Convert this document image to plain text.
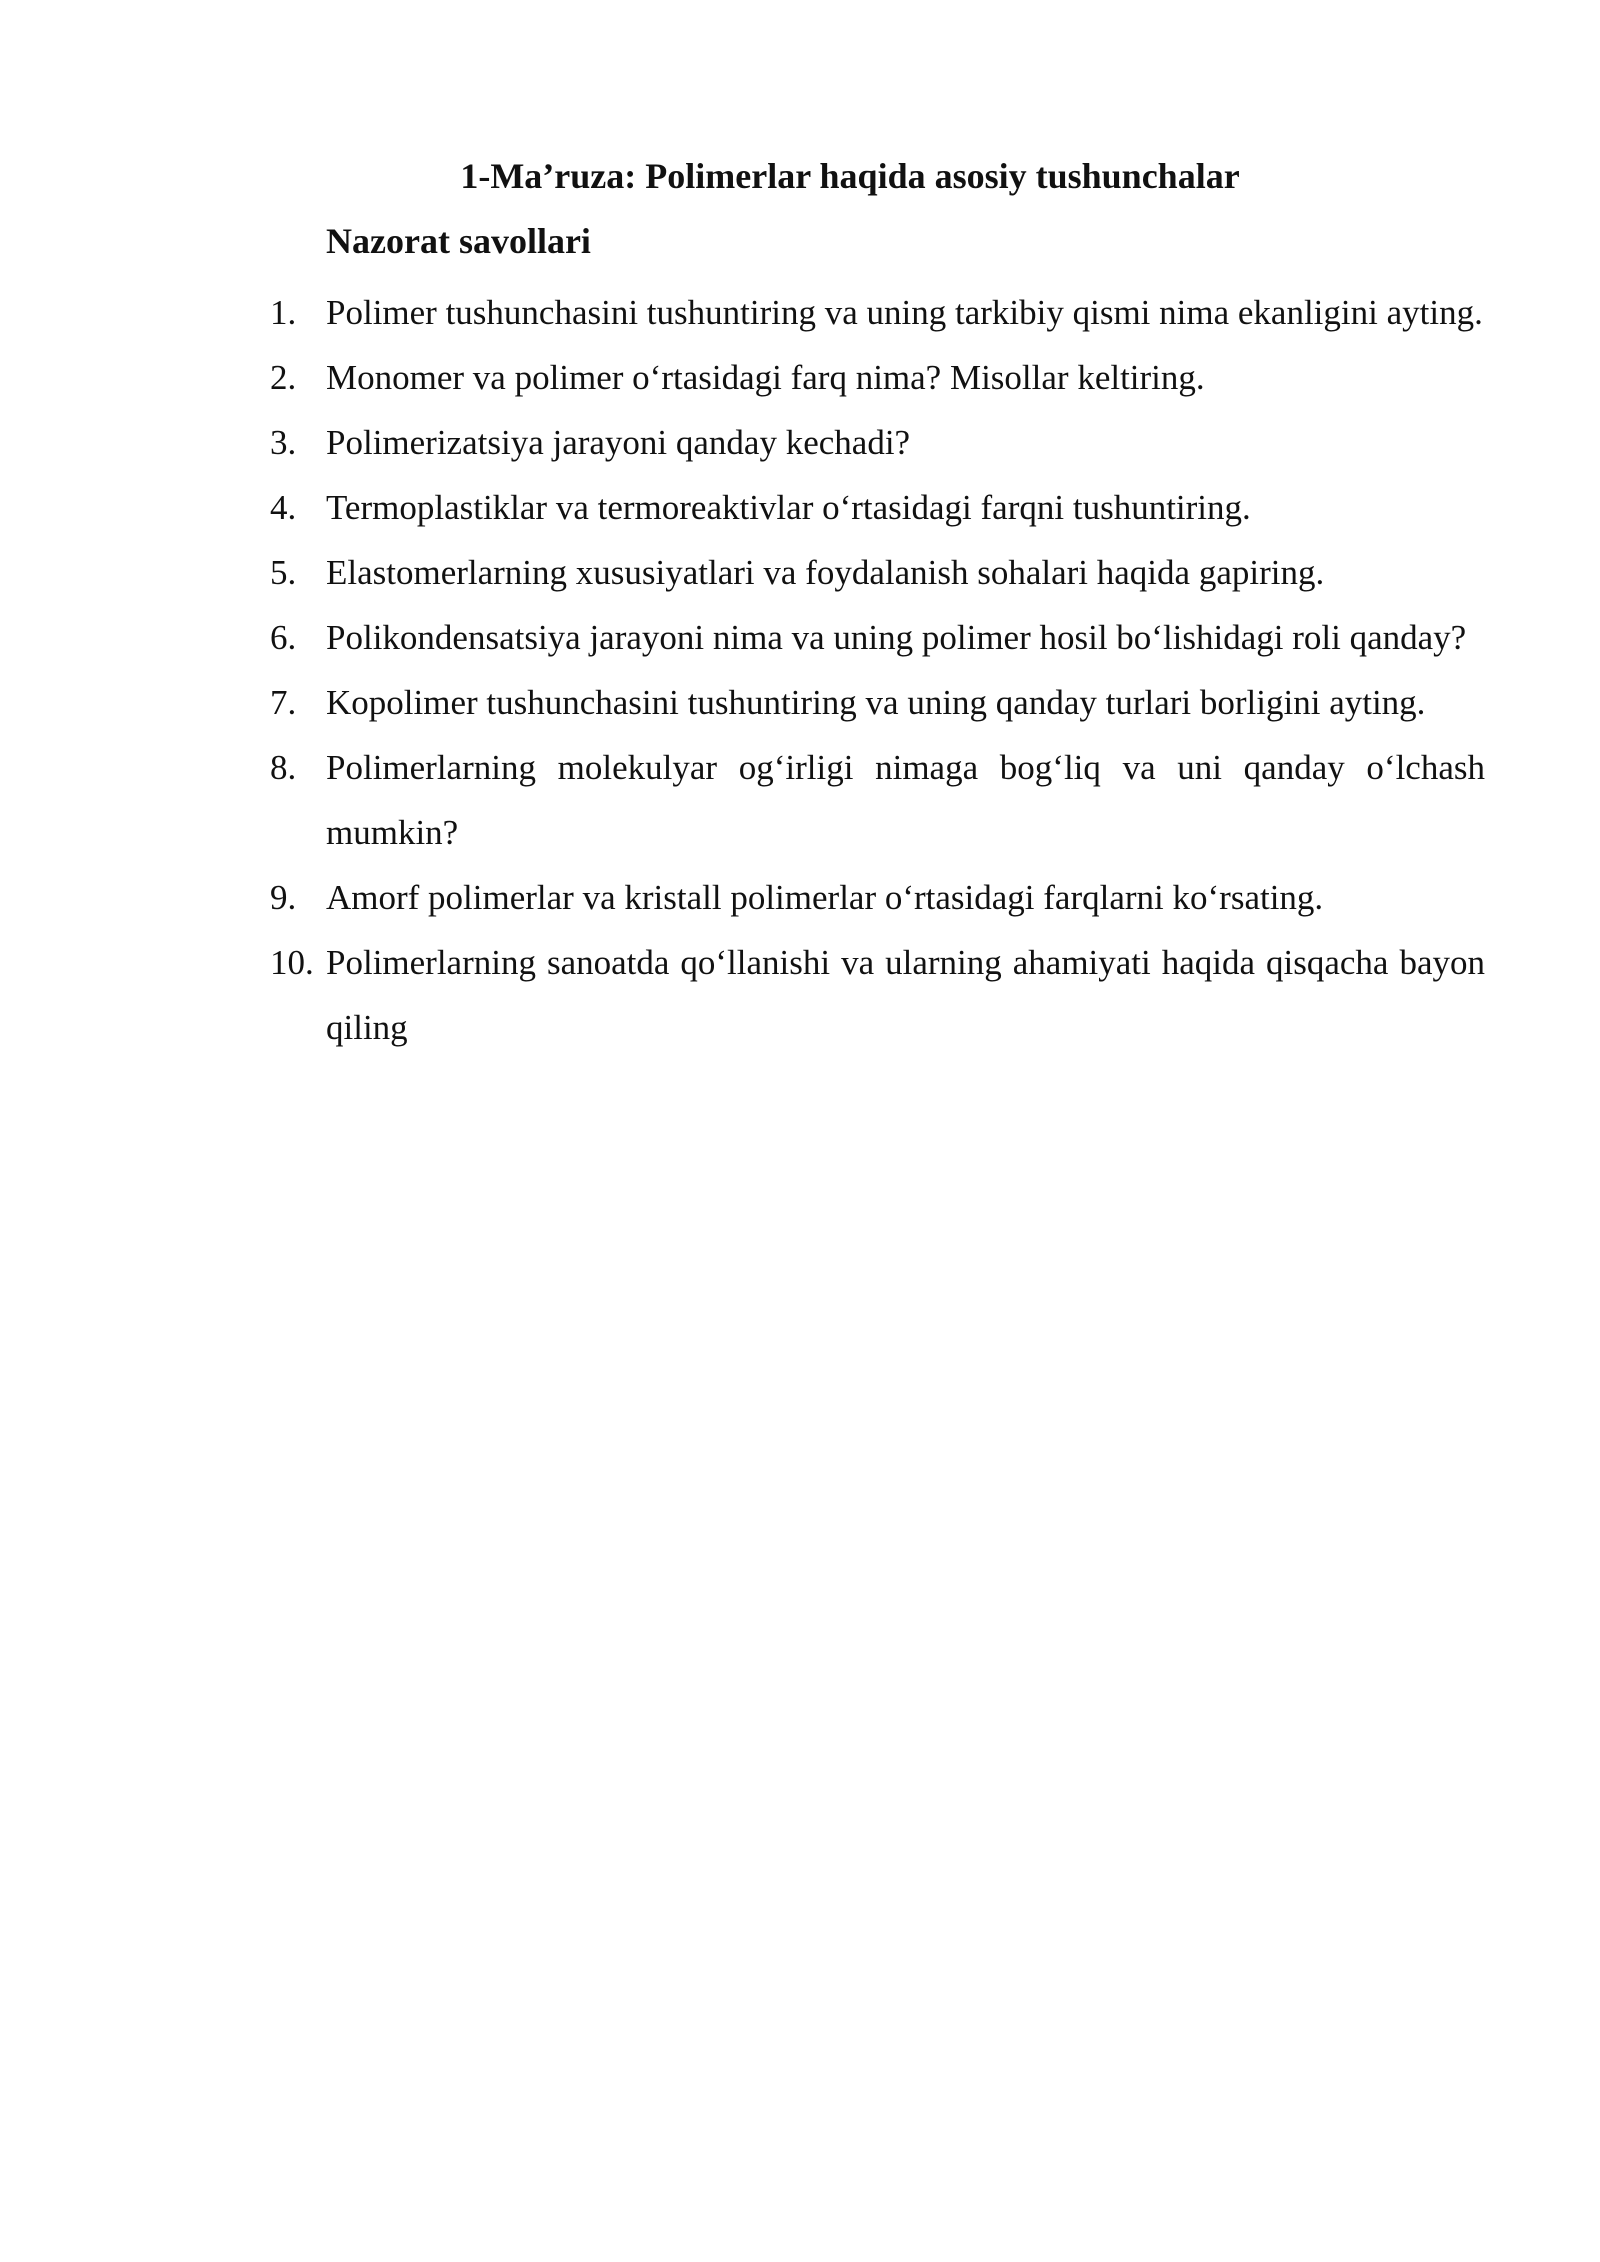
1-Ma’ruza: Polimerlar haqida asosiy tushunchalar
Nazorat savollari
1. Polimer tushunchasini tushuntiring va uning tarkibiy qismi nima ekanligini ayting.
2. Monomer va polimer o‘rtasidagi farq nima? Misollar keltiring.
3. Polimerizatsiya jarayoni qanday kechadi?
4. Termoplastiklar va termoreaktivlar o‘rtasidagi farqni tushuntiring.
5. Elastomerlarning xususiyatlari va foydalanish sohalari haqida gapiring.
6. Polikondensatsiya jarayoni nima va uning polimer hosil bo‘lishidagi roli qanday?
7. Kopolimer tushunchasini tushuntiring va uning qanday turlari borligini ayting.
8. Polimerlarning molekulyar og‘irligi nimaga bog‘liq va uni qanday o‘lchash mumkin?
9. Amorf polimerlar va kristall polimerlar o‘rtasidagi farqlarni ko‘rsating.
10. Polimerlarning sanoatda qo‘llanishi va ularning ahamiyati haqida qisqacha bayon qiling
